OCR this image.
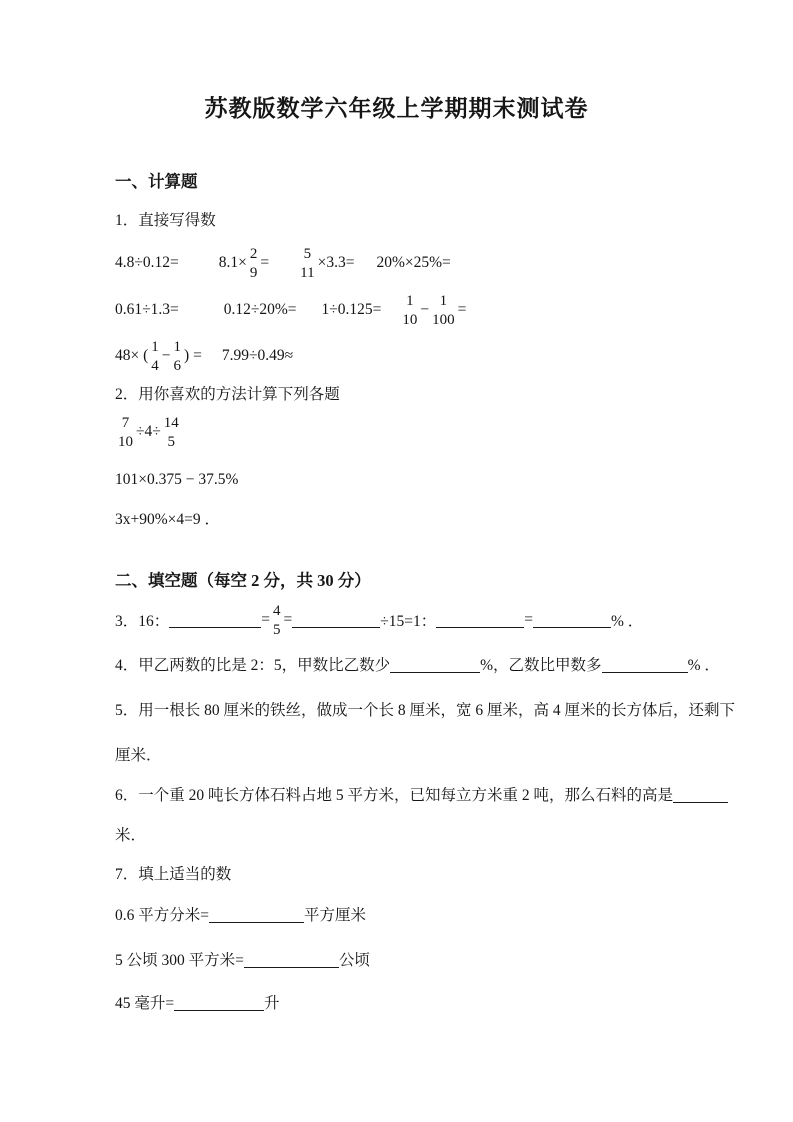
苏教版数学六年级上学期期末测试卷
一、计算题
1．直接写得数
4.8÷0.12=	8.1×
2
9
=
5
11
×3.3= 20%×25%=
0.61÷1.3=	0.12÷20%= 1÷0.125=
1
10
−
1
100
=
48× (
1
4
−
1
6
) = 7.99÷0.49≈
2．用你喜欢的方法计算下列各题
7
10
÷4÷
14
5
101×0.375 − 37.5%
3x+90%×4=9 ．
二、填空题（每空 2 分，共 30 分）
3．16：	=
4
5
=	÷15=1：	=	% ．
4．甲乙两数的比是 2：5，甲数比乙数少	%，乙数比甲数多	% ．
5．用一根长 80 厘米的铁丝，做成一个长 8 厘米，宽 6 厘米，高 4 厘米的长方体后，还剩下
厘米．
6．一个重 20 吨长方体石料占地 5 平方米，已知每立方米重 2 吨，那么石料的高是
米．
7．填上适当的数
0.6 平方分米=	平方厘米
5 公顷 300 平方米=	公顷
45 毫升=	升
